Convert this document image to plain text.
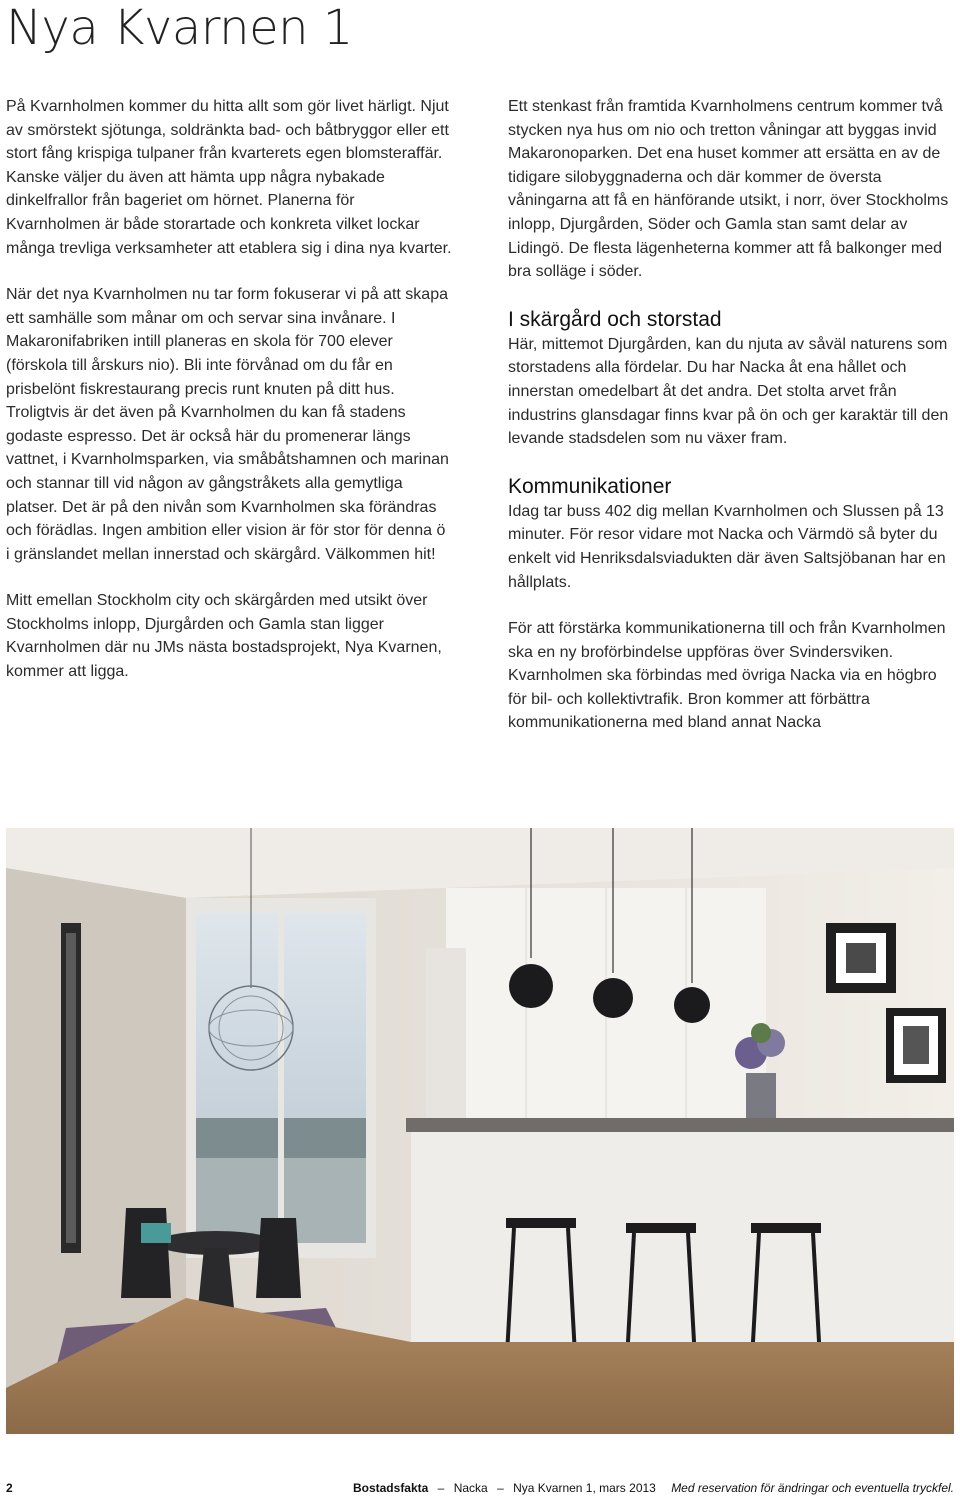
Nya Kvarnen 1

På Kvarnholmen kommer du hitta allt som gör livet härligt. Njut av smörstekt sjötunga, soldränkta bad- och båtbryggor eller ett stort fång krispiga tulpaner från kvarterets egen blomsteraffär. Kanske väljer du även att hämta upp några nybakade dinkelfrallor från bageriet om hörnet. Planerna för Kvarnholmen är både storartade och konkreta vilket lockar många trevliga verksamheter att etablera sig i dina nya kvarter.

När det nya Kvarnholmen nu tar form fokuserar vi på att skapa ett samhälle som månar om och servar sina invånare. I Makaronifabriken intill planeras en skola för 700 elever (förskola till årskurs nio). Bli inte förvånad om du får en prisbelönt fiskrestaurang precis runt knuten på ditt hus. Troligtvis är det även på Kvarnholmen du kan få stadens godaste espresso. Det är också här du promenerar längs vattnet, i Kvarnholmsparken, via småbåtshamnen och marinan och stannar till vid någon av gångstråkets alla gemytliga platser. Det är på den nivån som Kvarnholmen ska förändras och förädlas. Ingen ambition eller vision är för stor för denna ö i gränslandet mellan innerstad och skärgård. Välkommen hit!

Mitt emellan Stockholm city och skärgården med utsikt över Stockholms inlopp, Djurgården och Gamla stan ligger Kvarnholmen där nu JMs nästa bostadsprojekt, Nya Kvarnen, kommer att ligga.

Ett stenkast från framtida Kvarnholmens centrum kommer två stycken nya hus om nio och tretton våningar att byggas invid Makaronoparken. Det ena huset kommer att ersätta en av de tidigare silobyggnaderna och där kommer de översta våningarna att få en hänförande utsikt, i norr, över Stockholms inlopp, Djurgården, Söder och Gamla stan samt delar av Lidingö. De flesta lägenheterna kommer att få balkonger med bra solläge i söder.

I skärgård och storstad

Här, mittemot Djurgården, kan du njuta av såväl naturens som storstadens alla fördelar. Du har Nacka åt ena hållet och innerstan omedelbart åt det andra. Det stolta arvet från industrins glansdagar finns kvar på ön och ger karaktär till den levande stadsdelen som nu växer fram.

Kommunikationer

Idag tar buss 402 dig mellan Kvarnholmen och Slussen på 13 minuter. För resor vidare mot Nacka och Värmdö så byter du enkelt vid Henriksdalsviadukten där även Saltsjöbanan har en hållplats.

För att förstärka kommunikationerna till och från Kvarnholmen ska en ny broförbindelse uppföras över Svindersviken. Kvarnholmen ska förbindas med övriga Nacka via en högbro för bil- och kollektivtrafik. Bron kommer att förbättra kommunikationerna med bland annat Nacka

2	Bostadsfakta – Nacka – Nya Kvarnen 1, mars 2013 Med reservation för ändringar och eventuella tryckfel.
